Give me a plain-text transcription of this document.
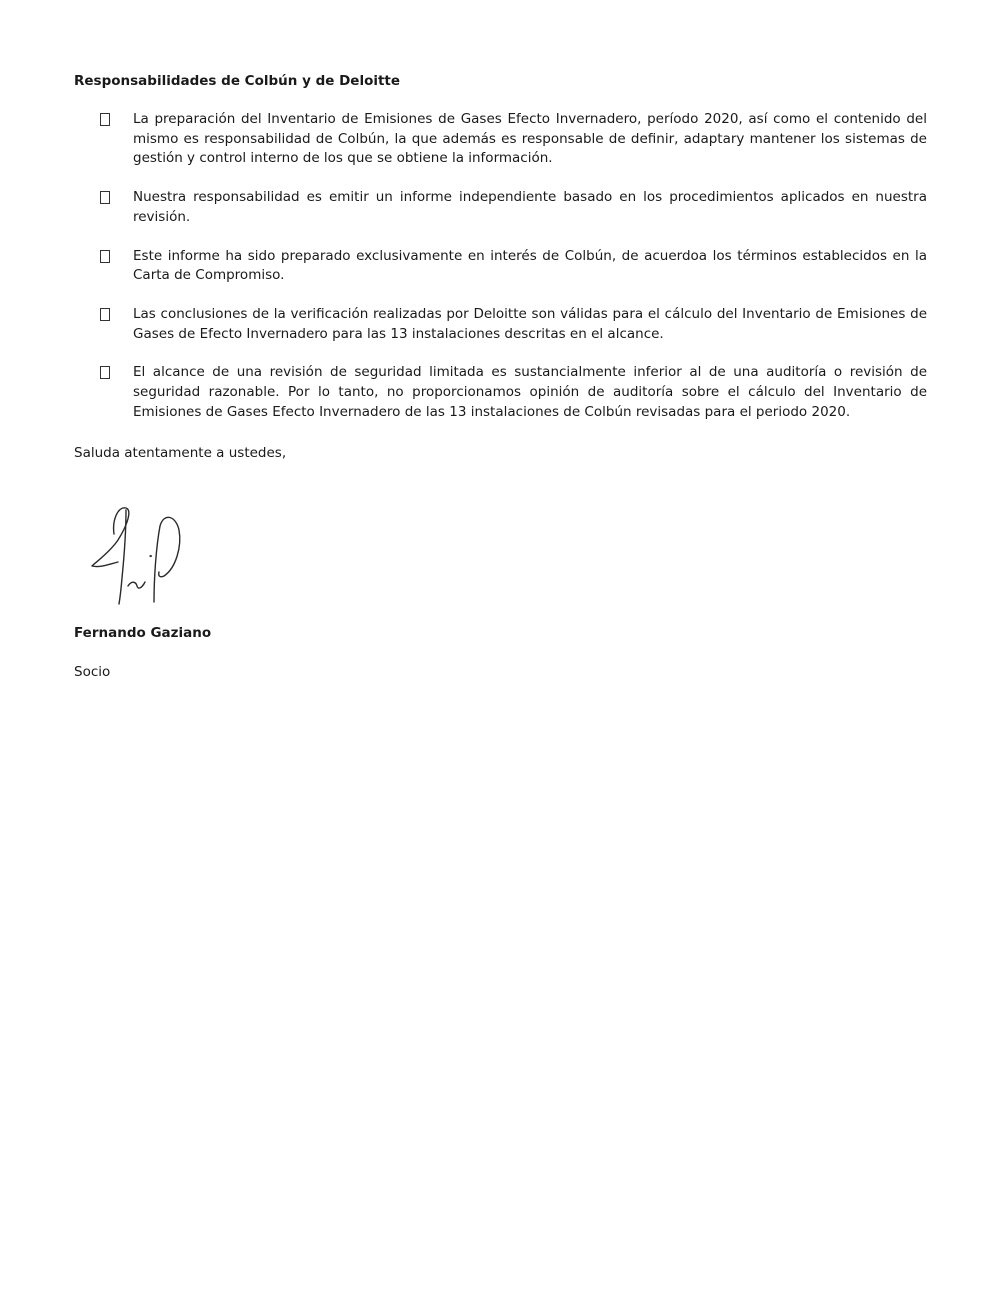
Responsabilidades de Colbún y de Deloitte

La preparación del Inventario de Emisiones de Gases Efecto Invernadero, período 2020, así como el contenido del mismo es responsabilidad de Colbún, la que además es responsable de definir, adaptary mantener los sistemas de gestión y control interno de los que se obtiene la información.

Nuestra responsabilidad es emitir un informe independiente basado en los procedimientos aplicados en nuestra revisión.

Este informe ha sido preparado exclusivamente en interés de Colbún, de acuerdoa los términos establecidos en la Carta de Compromiso.

Las conclusiones de la verificación realizadas por Deloitte son válidas para el cálculo del Inventario de Emisiones de Gases de Efecto Invernadero para las 13 instalaciones descritas en el alcance.

El alcance de una revisión de seguridad limitada es sustancialmente inferior al de una auditoría o revisión de seguridad razonable. Por lo tanto, no proporcionamos opinión de auditoría sobre el cálculo del Inventario de Emisiones de Gases Efecto Invernadero de las 13 instalaciones de Colbún revisadas para el periodo 2020.

Saluda atentamente a ustedes,

Fernando Gaziano

Socio
